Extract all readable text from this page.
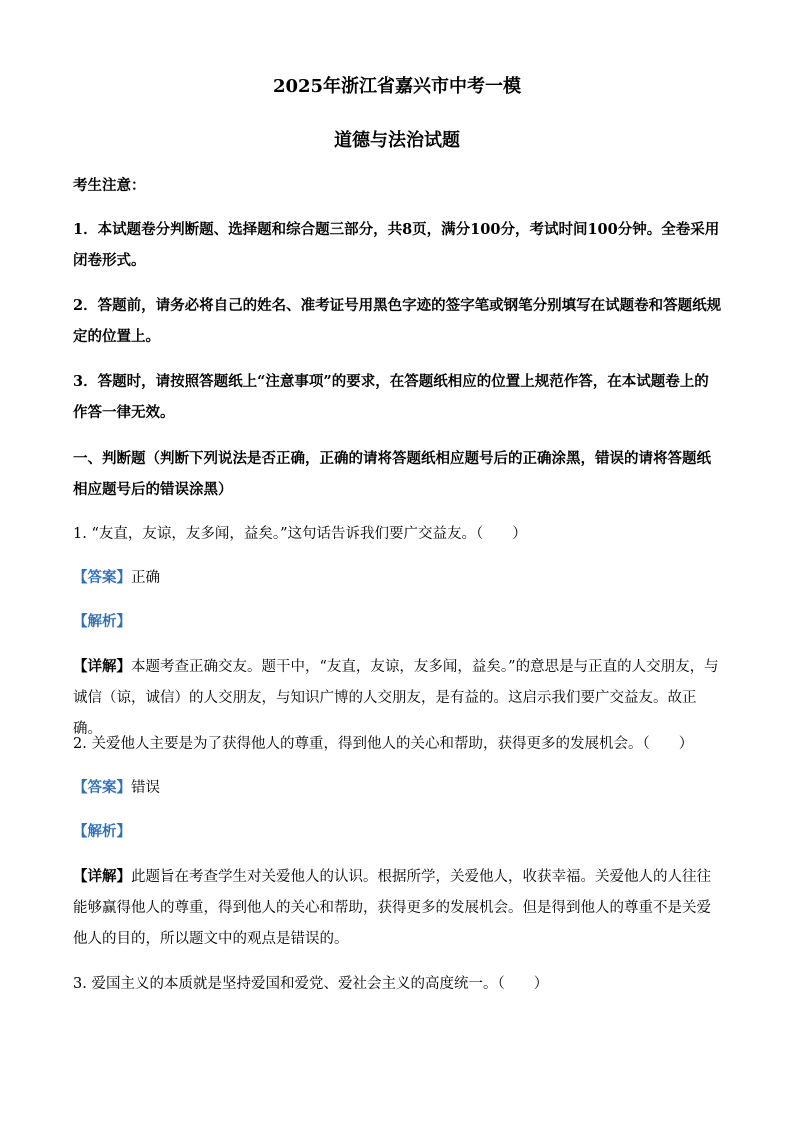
2025年浙江省嘉兴市中考一模
道德与法治试题
考生注意：
1．本试题卷分判断题、选择题和综合题三部分，共8页，满分100分，考试时间100分钟。全卷采用闭卷形式。
2．答题前，请务必将自己的姓名、准考证号用黑色字迹的签字笔或钢笔分别填写在试题卷和答题纸规定的位置上。
3．答题时，请按照答题纸上“注意事项”的要求，在答题纸相应的位置上规范作答，在本试题卷上的作答一律无效。
一、判断题（判断下列说法是否正确，正确的请将答题纸相应题号后的正确涂黑，错误的请将答题纸相应题号后的错误涂黑）
1. “友直，友谅，友多闻，益矣。”这句话告诉我们要广交益友。（　　）
【答案】正确
【解析】
【详解】本题考查正确交友。题干中，“友直，友谅，友多闻，益矣。”的意思是与正直的人交朋友，与诚信（谅，诚信）的人交朋友，与知识广博的人交朋友，是有益的。这启示我们要广交益友。故正确。
2. 关爱他人主要是为了获得他人的尊重，得到他人的关心和帮助，获得更多的发展机会。（　　）
【答案】错误
【解析】
【详解】此题旨在考查学生对关爱他人的认识。根据所学，关爱他人，收获幸福。关爱他人的人往往能够赢得他人的尊重，得到他人的关心和帮助，获得更多的发展机会。但是得到他人的尊重不是关爱他人的目的，所以题文中的观点是错误的。
3. 爱国主义的本质就是坚持爱国和爱党、爱社会主义的高度统一。（　　）
